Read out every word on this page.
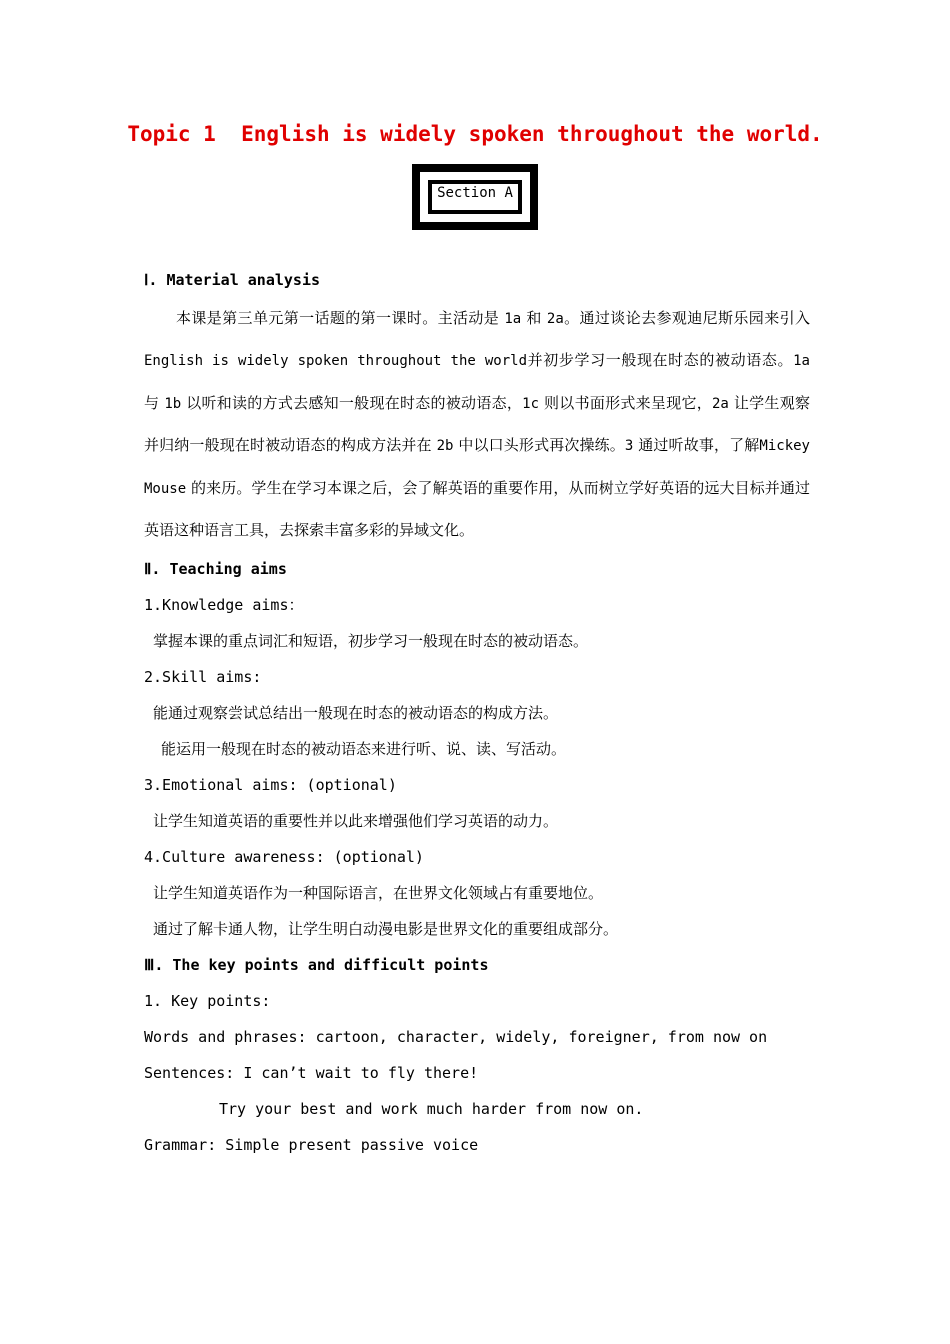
Topic 1  English is widely spoken throughout the world.
Section A
Ⅰ. Material analysis

本课是第三单元第一话题的第一课时。主活动是 1a 和 2a。通过谈论去参观迪尼斯乐园来引入English is widely spoken throughout the world并初步学习一般现在时态的被动语态。1a 与 1b 以听和读的方式去感知一般现在时态的被动语态，1c 则以书面形式来呈现它，2a 让学生观察并归纳一般现在时被动语态的构成方法并在 2b 中以口头形式再次操练。3 通过听故事，了解Mickey Mouse 的来历。学生在学习本课之后，会了解英语的重要作用，从而树立学好英语的远大目标并通过英语这种语言工具，去探索丰富多彩的异域文化。

Ⅱ. Teaching aims
1.Knowledge aims：
掌握本课的重点词汇和短语，初步学习一般现在时态的被动语态。
2.Skill aims:
能通过观察尝试总结出一般现在时态的被动语态的构成方法。
能运用一般现在时态的被动语态来进行听、说、读、写活动。
3.Emotional aims: (optional)
让学生知道英语的重要性并以此来增强他们学习英语的动力。
4.Culture awareness: (optional)
让学生知道英语作为一种国际语言，在世界文化领域占有重要地位。
通过了解卡通人物，让学生明白动漫电影是世界文化的重要组成部分。
Ⅲ. The key points and difficult points
1. Key points:
Words and phrases: cartoon, character, widely, foreigner, from now on
Sentences: I can’t wait to fly there!
Try your best and work much harder from now on.
Grammar: Simple present passive voice
